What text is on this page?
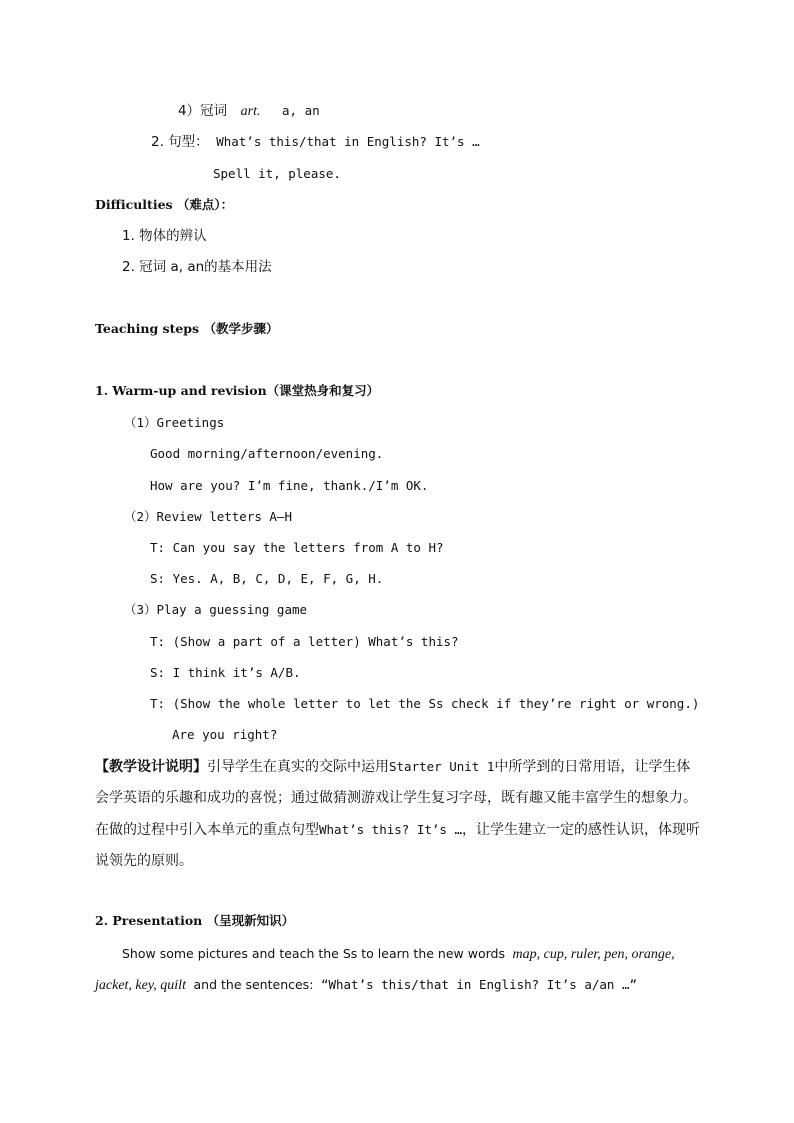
4）冠词 art. a, an
2. 句型： What’s this/that in English? It’s …
Spell it, please.
Difficulties （难点）：
1. 物体的辨认
2. 冠词 a, an的基本用法
Teaching steps （教学步骤）
1. Warm-up and revision（课堂热身和复习）
（1）Greetings
Good morning/afternoon/evening.
How are you? I’m fine, thank./I’m OK.
（2）Review letters A–H
T: Can you say the letters from A to H?
S: Yes. A, B, C, D, E, F, G, H.
（3）Play a guessing game
T: (Show a part of a letter) What’s this?
S: I think it’s A/B.
T: (Show the whole letter to let the Ss check if they’re right or wrong.)
Are you right?
【教学设计说明】引导学生在真实的交际中运用Starter Unit 1中所学到的日常用语，让学生体会学英语的乐趣和成功的喜悦；通过做猜测游戏让学生复习字母，既有趣又能丰富学生的想象力。在做的过程中引入本单元的重点句型What’s this? It’s …，让学生建立一定的感性认识，体现听说领先的原则。
2. Presentation （呈现新知识）
Show some pictures and teach the Ss to learn the new words map, cup, ruler, pen, orange,
jacket, key, quilt and the sentences: “What’s this/that in English? It’s a/an …”
